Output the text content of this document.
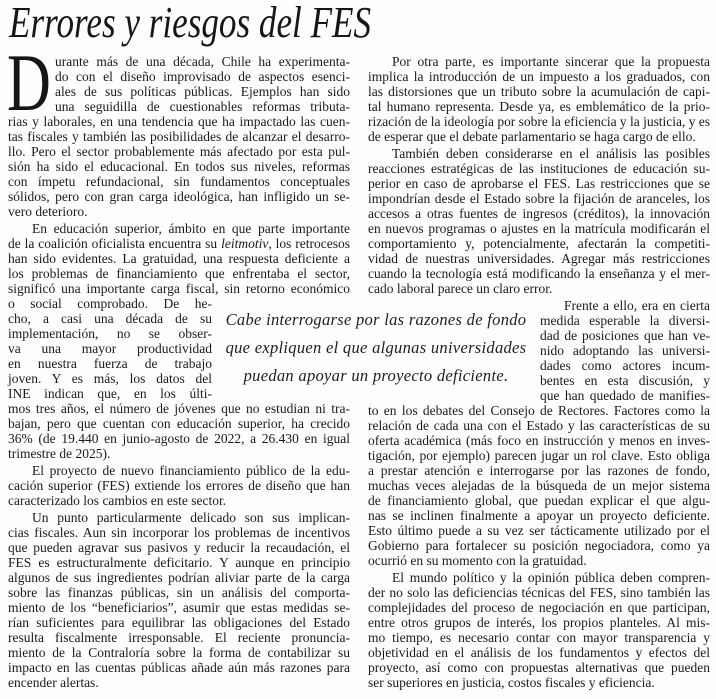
Errores y riesgos del FES
D urante más de una década, Chile ha experimenta-
do con el diseño improvisado de aspectos esenci-
ales de sus políticas públicas. Ejemplos han sido
una seguidilla de cuestionables reformas tributa-
rias y laborales, en una tendencia que ha impactado las cuen-
tas fiscales y también las posibilidades de alcanzar el desarro-
llo. Pero el sector probablemente más afectado por esta pul-
sión ha sido el educacional. En todos sus niveles, reformas
con ímpetu refundacional, sin fundamentos conceptuales
sólidos, pero con gran carga ideológica, han infligido un se-
vero deterioro.
En educación superior, ámbito en que parte importante
de la coalición oficialista encuentra su leitmotiv, los retrocesos
han sido evidentes. La gratuidad, una respuesta deficiente a
los problemas de financiamiento que enfrentaba el sector,
significó una importante carga fiscal, sin retorno económico
o social comprobado. De he-
cho, a casi una década de su
implementación, no se obser-
va una mayor productividad
en nuestra fuerza de trabajo
joven. Y es más, los datos del
INE indican que, en los últi-
mos tres años, el número de jóvenes que no estudian ni tra-
bajan, pero que cuentan con educación superior, ha crecido
36% (de 19.440 en junio-agosto de 2022, a 26.430 en igual
trimestre de 2025).
El proyecto de nuevo financiamiento público de la edu-
cación superior (FES) extiende los errores de diseño que han
caracterizado los cambios en este sector.
Un punto particularmente delicado son sus implican-
cias fiscales. Aun sin incorporar los problemas de incentivos
que pueden agravar sus pasivos y reducir la recaudación, el
FES es estructuralmente deficitario. Y aunque en principio
algunos de sus ingredientes podrían aliviar parte de la carga
sobre las finanzas públicas, sin un análisis del comporta-
miento de los “beneficiarios”, asumir que estas medidas se-
rían suficientes para equilibrar las obligaciones del Estado
resulta fiscalmente irresponsable. El reciente pronuncia-
miento de la Contraloría sobre la forma de contabilizar su
impacto en las cuentas públicas añade aún más razones para
encender alertas.
Por otra parte, es importante sincerar que la propuesta
implica la introducción de un impuesto a los graduados, con
las distorsiones que un tributo sobre la acumulación de capi-
tal humano representa. Desde ya, es emblemático de la prio-
rización de la ideología por sobre la eficiencia y la justicia, y es
de esperar que el debate parlamentario se haga cargo de ello.
También deben considerarse en el análisis las posibles
reacciones estratégicas de las instituciones de educación su-
perior en caso de aprobarse el FES. Las restricciones que se
impondrían desde el Estado sobre la fijación de aranceles, los
accesos a otras fuentes de ingresos (créditos), la innovación
en nuevos programas o ajustes en la matrícula modificarán el
comportamiento y, potencialmente, afectarán la competiti-
vidad de nuestras universidades. Agregar más restricciones
cuando la tecnología está modificando la enseñanza y el mer-
cado laboral parece un claro error.
Frente a ello, era en cierta
medida esperable la diversi-
dad de posiciones que han ve-
nido adoptando las universi-
dades como actores incum-
bentes en esta discusión, y
que han quedado de manifies-
to en los debates del Consejo de Rectores. Factores como la
relación de cada una con el Estado y las características de su
oferta académica (más foco en instrucción y menos en inves-
tigación, por ejemplo) parecen jugar un rol clave. Esto obliga
a prestar atención e interrogarse por las razones de fondo,
muchas veces alejadas de la búsqueda de un mejor sistema
de financiamiento global, que puedan explicar el que algu-
nas se inclinen finalmente a apoyar un proyecto deficiente.
Esto último puede a su vez ser tácticamente utilizado por el
Gobierno para fortalecer su posición negociadora, como ya
ocurrió en su momento con la gratuidad.
El mundo político y la opinión pública deben compren-
der no solo las deficiencias técnicas del FES, sino también las
complejidades del proceso de negociación en que participan,
entre otros grupos de interés, los propios planteles. Al mis-
mo tiempo, es necesario contar con mayor transparencia y
objetividad en el análisis de los fundamentos y efectos del
proyecto, así como con propuestas alternativas que pueden
ser superiores en justicia, costos fiscales y eficiencia.
Cabe interrogarse por las razones de fondo
que expliquen el que algunas universidades
puedan apoyar un proyecto deficiente.
